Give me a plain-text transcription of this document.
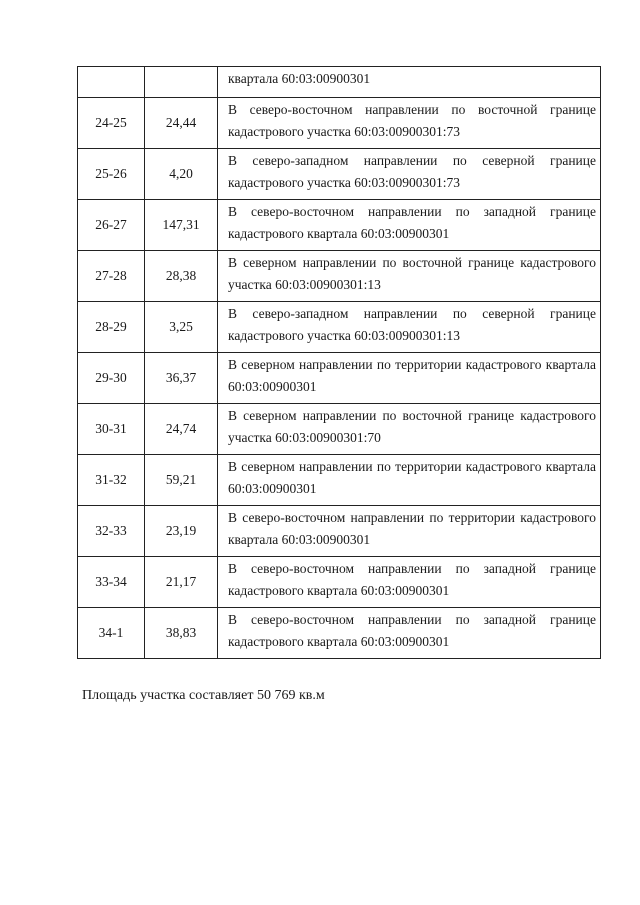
		квартала 60:03:00900301
24-25	24,44	В северо-восточном направлении по восточной границе кадастрового участка 60:03:00900301:73
25-26	4,20	В северо-западном направлении по северной границе кадастрового участка 60:03:00900301:73
26-27	147,31	В северо-восточном направлении по западной границе кадастрового квартала 60:03:00900301
27-28	28,38	В северном направлении по восточной границе кадастрового участка 60:03:00900301:13
28-29	3,25	В северо-западном направлении по северной границе кадастрового участка 60:03:00900301:13
29-30	36,37	В северном направлении по территории кадастрового квартала 60:03:00900301
30-31	24,74	В северном направлении по восточной границе кадастрового участка 60:03:00900301:70
31-32	59,21	В северном направлении по территории кадастрового квартала 60:03:00900301
32-33	23,19	В северо-восточном направлении по территории кадастрового квартала 60:03:00900301
33-34	21,17	В северо-восточном направлении по западной границе кадастрового квартала 60:03:00900301
34-1	38,83	В северо-восточном направлении по западной границе кадастрового квартала 60:03:00900301
Площадь участка составляет 50 769 кв.м
